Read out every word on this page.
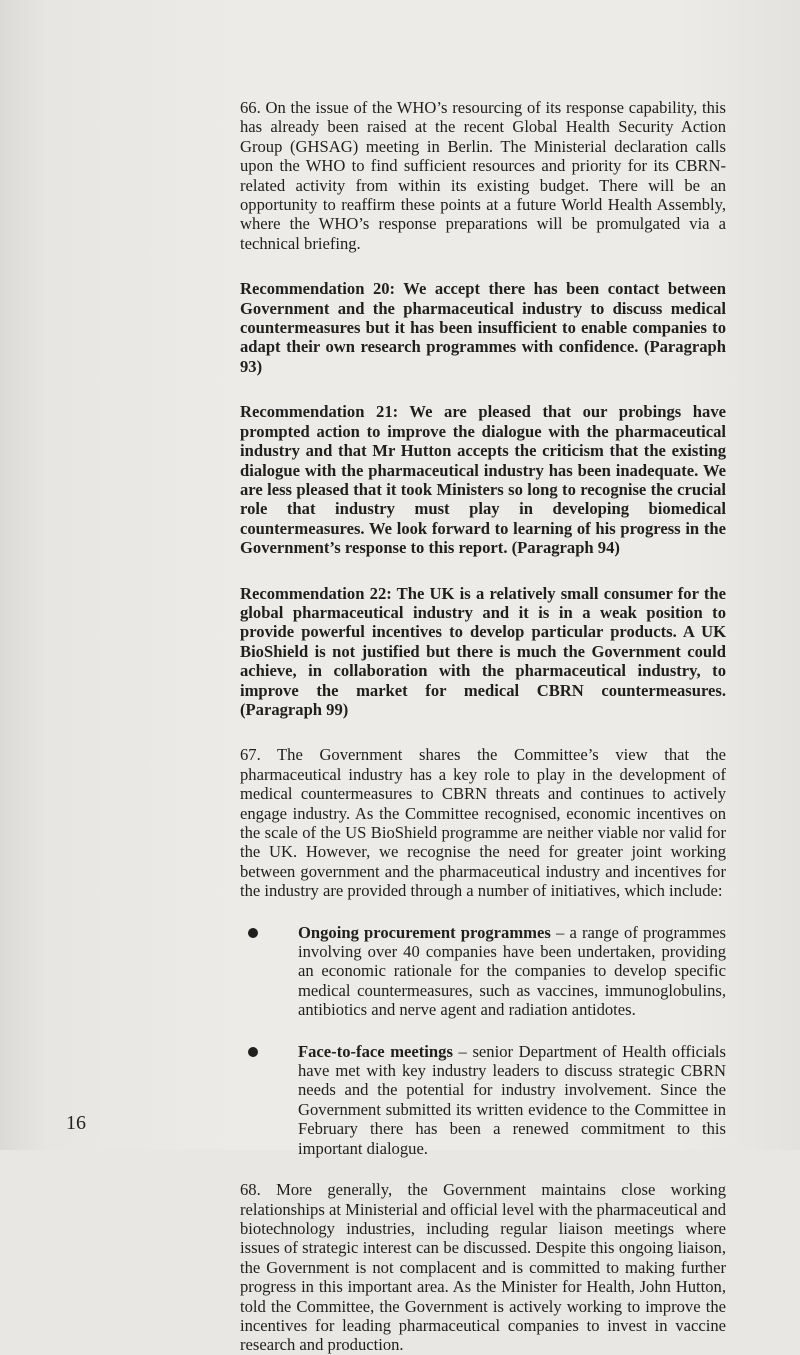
66. On the issue of the WHO’s resourcing of its response capability, this has already been raised at the recent Global Health Security Action Group (GHSAG) meeting in Berlin. The Ministerial declaration calls upon the WHO to find sufficient resources and priority for its CBRN-related activity from within its existing budget. There will be an opportunity to reaffirm these points at a future World Health Assembly, where the WHO’s response preparations will be promulgated via a technical briefing.

Recommendation 20: We accept there has been contact between Government and the pharmaceutical industry to discuss medical countermeasures but it has been insufficient to enable companies to adapt their own research programmes with confidence. (Paragraph 93)

Recommendation 21: We are pleased that our probings have prompted action to improve the dialogue with the pharmaceutical industry and that Mr Hutton accepts the criticism that the existing dialogue with the pharmaceutical industry has been inadequate. We are less pleased that it took Ministers so long to recognise the crucial role that industry must play in developing biomedical countermeasures. We look forward to learning of his progress in the Government’s response to this report. (Paragraph 94)

Recommendation 22: The UK is a relatively small consumer for the global pharmaceutical industry and it is in a weak position to provide powerful incentives to develop particular products. A UK BioShield is not justified but there is much the Government could achieve, in collaboration with the pharmaceutical industry, to improve the market for medical CBRN countermeasures. (Paragraph 99)

67. The Government shares the Committee’s view that the pharmaceutical industry has a key role to play in the development of medical countermeasures to CBRN threats and continues to actively engage industry. As the Committee recognised, economic incentives on the scale of the US BioShield programme are neither viable nor valid for the UK. However, we recognise the need for greater joint working between government and the pharmaceutical industry and incentives for the industry are provided through a number of initiatives, which include:

Ongoing procurement programmes – a range of programmes involving over 40 companies have been undertaken, providing an economic rationale for the companies to develop specific medical countermeasures, such as vaccines, immunoglobulins, antibiotics and nerve agent and radiation antidotes.
Face-to-face meetings – senior Department of Health officials have met with key industry leaders to discuss strategic CBRN needs and the potential for industry involvement. Since the Government submitted its written evidence to the Committee in February there has been a renewed commitment to this important dialogue.

68. More generally, the Government maintains close working relationships at Ministerial and official level with the pharmaceutical and biotechnology industries, including regular liaison meetings where issues of strategic interest can be discussed. Despite this ongoing liaison, the Government is not complacent and is committed to making further progress in this important area. As the Minister for Health, John Hutton, told the Committee, the Government is actively working to improve the incentives for leading pharmaceutical companies to invest in vaccine research and production.

16
